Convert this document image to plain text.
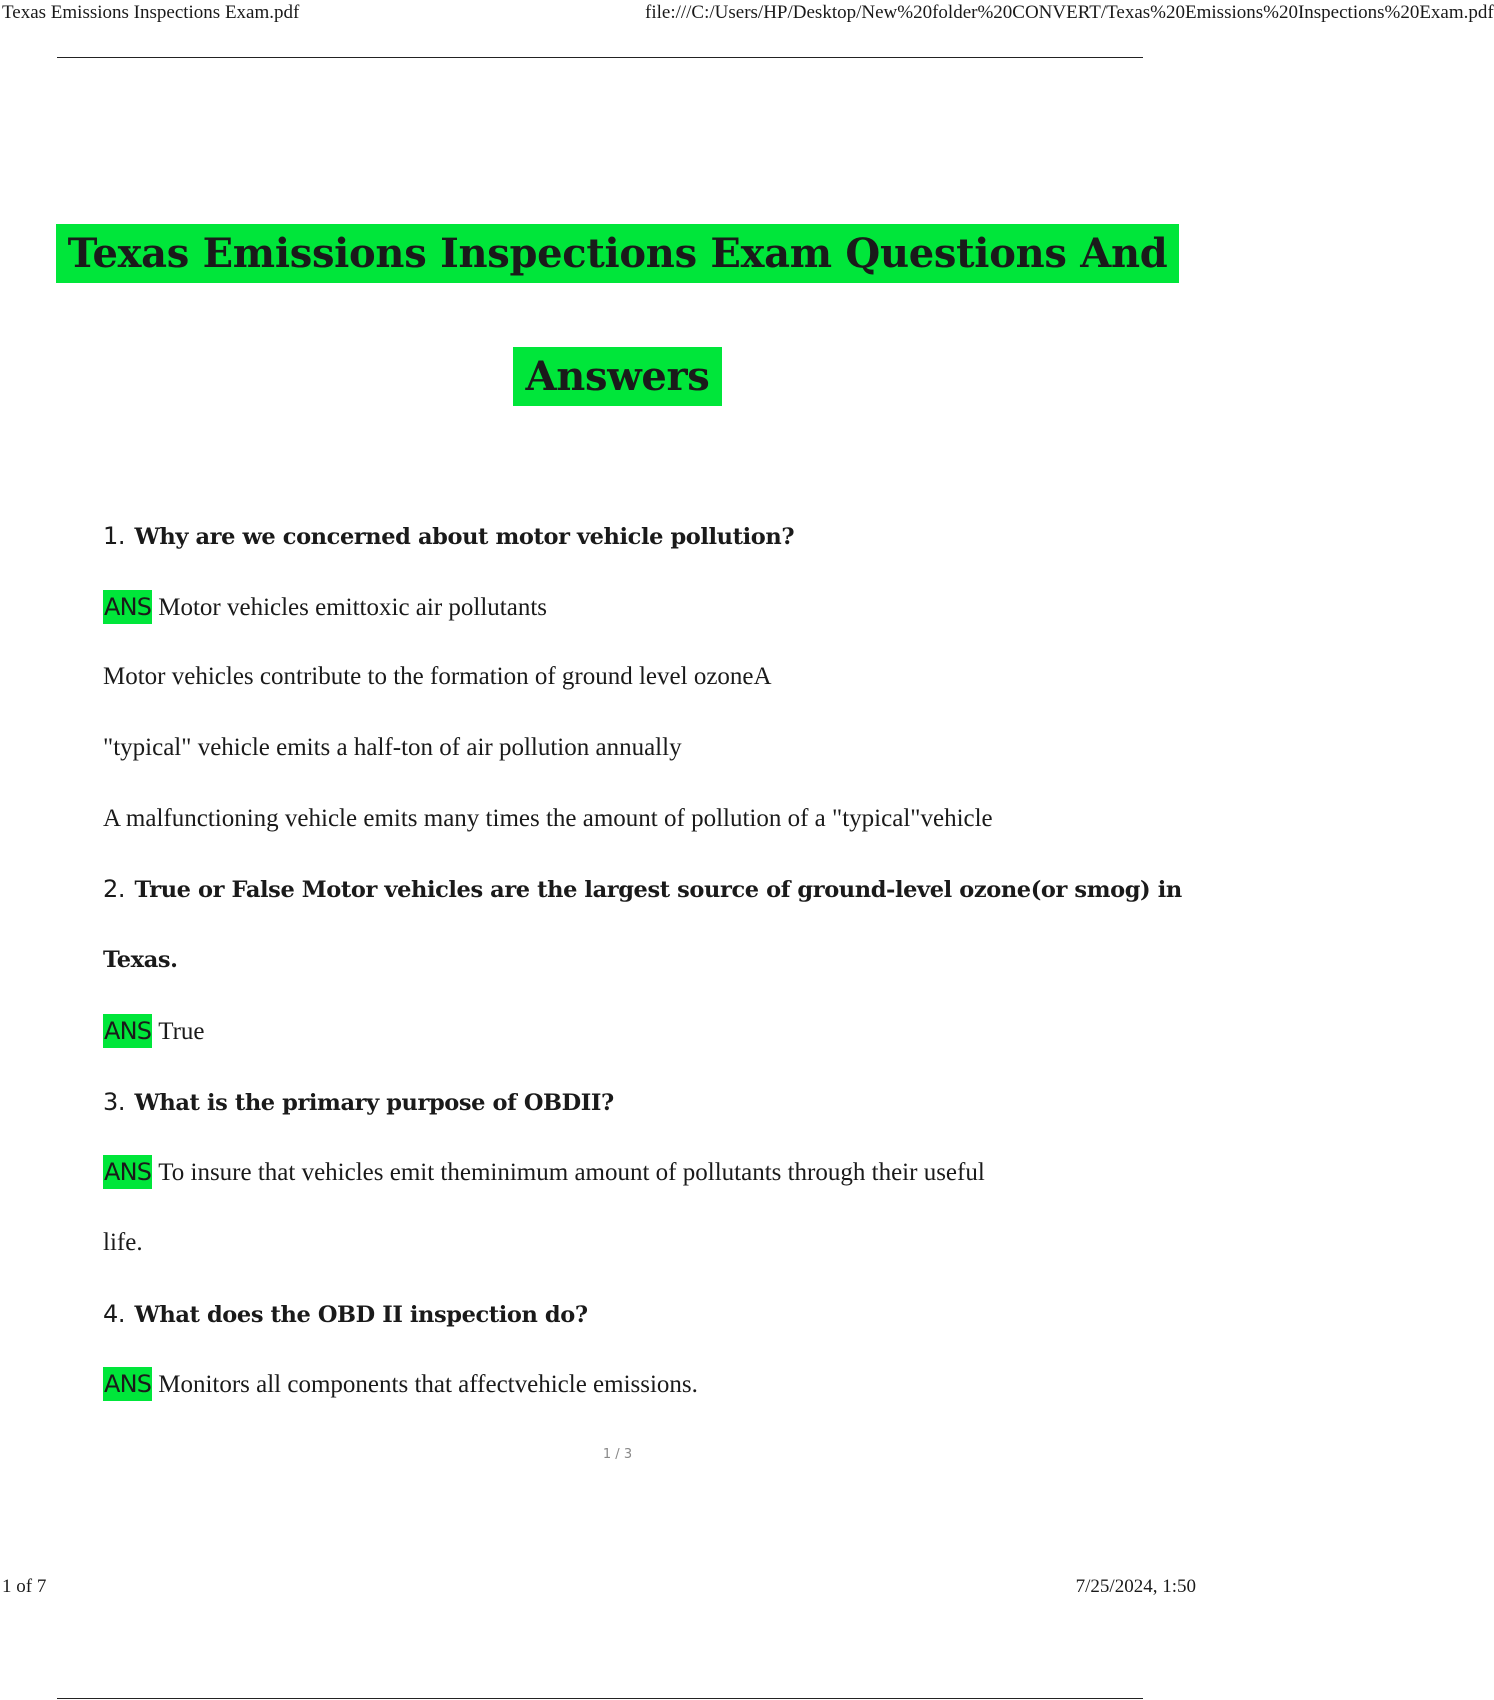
Texas Emissions Inspections Exam.pdf	file:///C:/Users/HP/Desktop/New%20folder%20CONVERT/Texas%20Emissions%20Inspections%20Exam.pdf
Texas Emissions Inspections Exam Questions And
Answers
1. Why are we concerned about motor vehicle pollution?
ANS Motor vehicles emittoxic air pollutants
Motor vehicles contribute to the formation of ground level ozoneA
"typical" vehicle emits a half-ton of air pollution annually
A malfunctioning vehicle emits many times the amount of pollution of a "typical"vehicle
2. True or False Motor vehicles are the largest source of ground-level ozone(or smog) in
Texas.
ANS True
3. What is the primary purpose of OBDII?
ANS To insure that vehicles emit theminimum amount of pollutants through their useful
life.
4. What does the OBD II inspection do?
ANS Monitors all components that affectvehicle emissions.
1 / 3
1 of 7	7/25/2024, 1:50
